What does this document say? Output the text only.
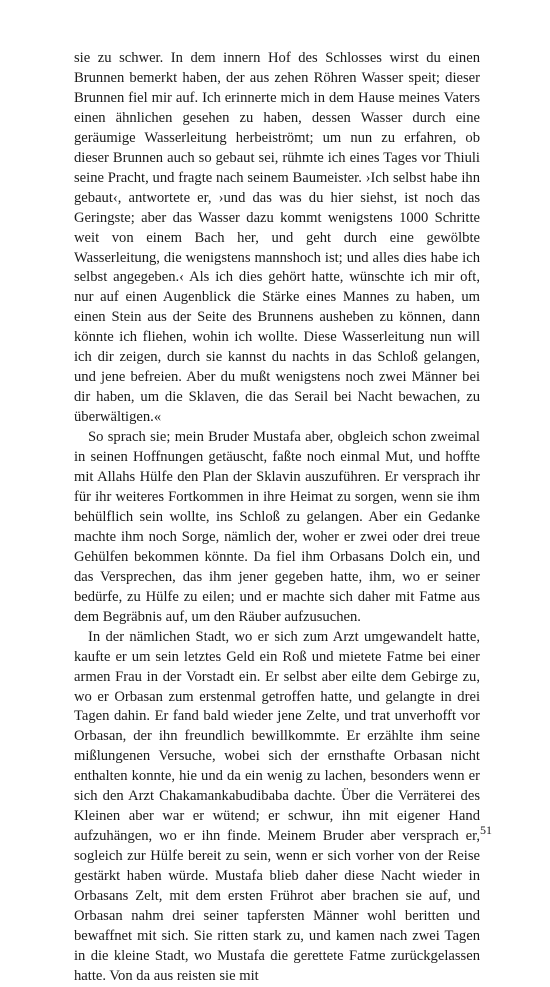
sie zu schwer. In dem innern Hof des Schlosses wirst du einen Brunnen bemerkt haben, der aus zehen Röhren Wasser speit; dieser Brunnen fiel mir auf. Ich erinnerte mich in dem Hause meines Vaters einen ähnlichen gesehen zu haben, dessen Wasser durch eine geräumige Wasserleitung herbeiströmt; um nun zu erfahren, ob dieser Brunnen auch so gebaut sei, rühmte ich eines Tages vor Thiuli seine Pracht, und fragte nach seinem Baumeister. ›Ich selbst habe ihn gebaut‹, antwortete er, ›und das was du hier siehst, ist noch das Geringste; aber das Wasser dazu kommt wenigstens 1000 Schritte weit von einem Bach her, und geht durch eine gewölbte Wasserleitung, die wenigstens mannshoch ist; und alles dies habe ich selbst angegeben.‹ Als ich dies gehört hatte, wünschte ich mir oft, nur auf einen Augenblick die Stärke eines Mannes zu haben, um einen Stein aus der Seite des Brunnens ausheben zu können, dann könnte ich fliehen, wohin ich wollte. Diese Wasserleitung nun will ich dir zeigen, durch sie kannst du nachts in das Schloß gelangen, und jene befreien. Aber du mußt wenigstens noch zwei Männer bei dir haben, um die Sklaven, die das Serail bei Nacht bewachen, zu überwältigen.«

So sprach sie; mein Bruder Mustafa aber, obgleich schon zweimal in seinen Hoffnungen getäuscht, faßte noch einmal Mut, und hoffte mit Allahs Hülfe den Plan der Sklavin auszuführen. Er versprach ihr für ihr weiteres Fortkommen in ihre Heimat zu sorgen, wenn sie ihm behülflich sein wollte, ins Schloß zu gelangen. Aber ein Gedanke machte ihm noch Sorge, nämlich der, woher er zwei oder drei treue Gehülfen bekommen könnte. Da fiel ihm Orbasans Dolch ein, und das Versprechen, das ihm jener gegeben hatte, ihm, wo er seiner bedürfe, zu Hülfe zu eilen; und er machte sich daher mit Fatme aus dem Begräbnis auf, um den Räuber aufzusuchen.

In der nämlichen Stadt, wo er sich zum Arzt umgewandelt hatte, kaufte er um sein letztes Geld ein Roß und mietete Fatme bei einer armen Frau in der Vorstadt ein. Er selbst aber eilte dem Gebirge zu, wo er Orbasan zum erstenmal getroffen hatte, und gelangte in drei Tagen dahin. Er fand bald wieder jene Zelte, und trat unverhofft vor Orbasan, der ihn freundlich bewillkommte. Er erzählte ihm seine mißlungenen Versuche, wobei sich der ernsthafte Orbasan nicht enthalten konnte, hie und da ein wenig zu lachen, besonders wenn er sich den Arzt Chakamankabudibaba dachte. Über die Verräterei des Kleinen aber war er wütend; er schwur, ihn mit eigener Hand aufzuhängen, wo er ihn finde. Meinem Bruder aber versprach er, sogleich zur Hülfe bereit zu sein, wenn er sich vorher von der Reise gestärkt haben würde. Mustafa blieb daher diese Nacht wieder in Orbasans Zelt, mit dem ersten Frührot aber brachen sie auf, und Orbasan nahm drei seiner tapfersten Männer wohl beritten und bewaffnet mit sich. Sie ritten stark zu, und kamen nach zwei Tagen in die kleine Stadt, wo Mustafa die gerettete Fatme zurückgelassen hatte. Von da aus reisten sie mit

51
